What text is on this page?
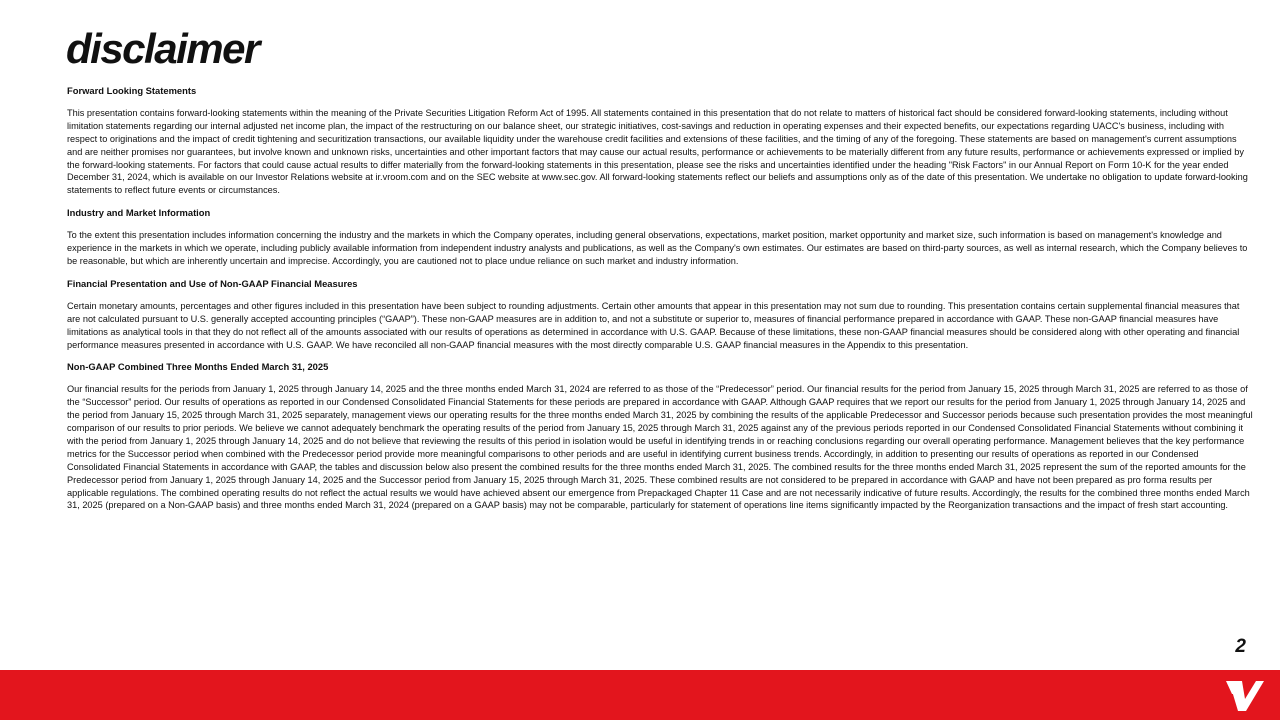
disclaimer

Forward Looking Statements

This presentation contains forward-looking statements within the meaning of the Private Securities Litigation Reform Act of 1995. All statements contained in this presentation that do not relate to matters of historical fact should be considered forward-looking statements, including without limitation statements regarding our internal adjusted net income plan, the impact of the restructuring on our balance sheet, our strategic initiatives, cost-savings and reduction in operating expenses and their expected benefits, our expectations regarding UACC's business, including with respect to originations and the impact of credit tightening and securitization transactions, our available liquidity under the warehouse credit facilities and extensions of these facilities, and the timing of any of the foregoing. These statements are based on management's current assumptions and are neither promises nor guarantees, but involve known and unknown risks, uncertainties and other important factors that may cause our actual results, performance or achievements to be materially different from any future results, performance or achievements expressed or implied by the forward-looking statements. For factors that could cause actual results to differ materially from the forward-looking statements in this presentation, please see the risks and uncertainties identified under the heading "Risk Factors" in our Annual Report on Form 10-K for the year ended December 31, 2024, which is available on our Investor Relations website at ir.vroom.com and on the SEC website at www.sec.gov. All forward-looking statements reflect our beliefs and assumptions only as of the date of this presentation. We undertake no obligation to update forward-looking statements to reflect future events or circumstances.

Industry and Market Information

To the extent this presentation includes information concerning the industry and the markets in which the Company operates, including general observations, expectations, market position, market opportunity and market size, such information is based on management's knowledge and experience in the markets in which we operate, including publicly available information from independent industry analysts and publications, as well as the Company's own estimates. Our estimates are based on third-party sources, as well as internal research, which the Company believes to be reasonable, but which are inherently uncertain and imprecise. Accordingly, you are cautioned not to place undue reliance on such market and industry information.

Financial Presentation and Use of Non-GAAP Financial Measures

Certain monetary amounts, percentages and other figures included in this presentation have been subject to rounding adjustments. Certain other amounts that appear in this presentation may not sum due to rounding. This presentation contains certain supplemental financial measures that are not calculated pursuant to U.S. generally accepted accounting principles (“GAAP”). These non-GAAP measures are in addition to, and not a substitute or superior to, measures of financial performance prepared in accordance with GAAP. These non-GAAP financial measures have limitations as analytical tools in that they do not reflect all of the amounts associated with our results of operations as determined in accordance with U.S. GAAP. Because of these limitations, these non-GAAP financial measures should be considered along with other operating and financial performance measures presented in accordance with U.S. GAAP. We have reconciled all non-GAAP financial measures with the most directly comparable U.S. GAAP financial measures in the Appendix to this presentation.

Non-GAAP Combined Three Months Ended March 31, 2025

Our financial results for the periods from January 1, 2025 through January 14, 2025 and the three months ended March 31, 2024 are referred to as those of the “Predecessor” period. Our financial results for the period from January 15, 2025 through March 31, 2025 are referred to as those of the “Successor” period. Our results of operations as reported in our Condensed Consolidated Financial Statements for these periods are prepared in accordance with GAAP. Although GAAP requires that we report our results for the period from January 1, 2025 through January 14, 2025 and the period from January 15, 2025 through March 31, 2025 separately, management views our operating results for the three months ended March 31, 2025 by combining the results of the applicable Predecessor and Successor periods because such presentation provides the most meaningful comparison of our results to prior periods. We believe we cannot adequately benchmark the operating results of the period from January 15, 2025 through March 31, 2025 against any of the previous periods reported in our Condensed Consolidated Financial Statements without combining it with the period from January 1, 2025 through January 14, 2025 and do not believe that reviewing the results of this period in isolation would be useful in identifying trends in or reaching conclusions regarding our overall operating performance. Management believes that the key performance metrics for the Successor period when combined with the Predecessor period provide more meaningful comparisons to other periods and are useful in identifying current business trends. Accordingly, in addition to presenting our results of operations as reported in our Condensed Consolidated Financial Statements in accordance with GAAP, the tables and discussion below also present the combined results for the three months ended March 31, 2025. The combined results for the three months ended March 31, 2025 represent the sum of the reported amounts for the Predecessor period from January 1, 2025 through January 14, 2025 and the Successor period from January 15, 2025 through March 31, 2025. These combined results are not considered to be prepared in accordance with GAAP and have not been prepared as pro forma results per applicable regulations. The combined operating results do not reflect the actual results we would have achieved absent our emergence from Prepackaged Chapter 11 Case and are not necessarily indicative of future results. Accordingly, the results for the combined three months ended March 31, 2025 (prepared on a Non-GAAP basis) and three months ended March 31, 2024 (prepared on a GAAP basis) may not be comparable, particularly for statement of operations line items significantly impacted by the Reorganization transactions and the impact of fresh start accounting.

2
